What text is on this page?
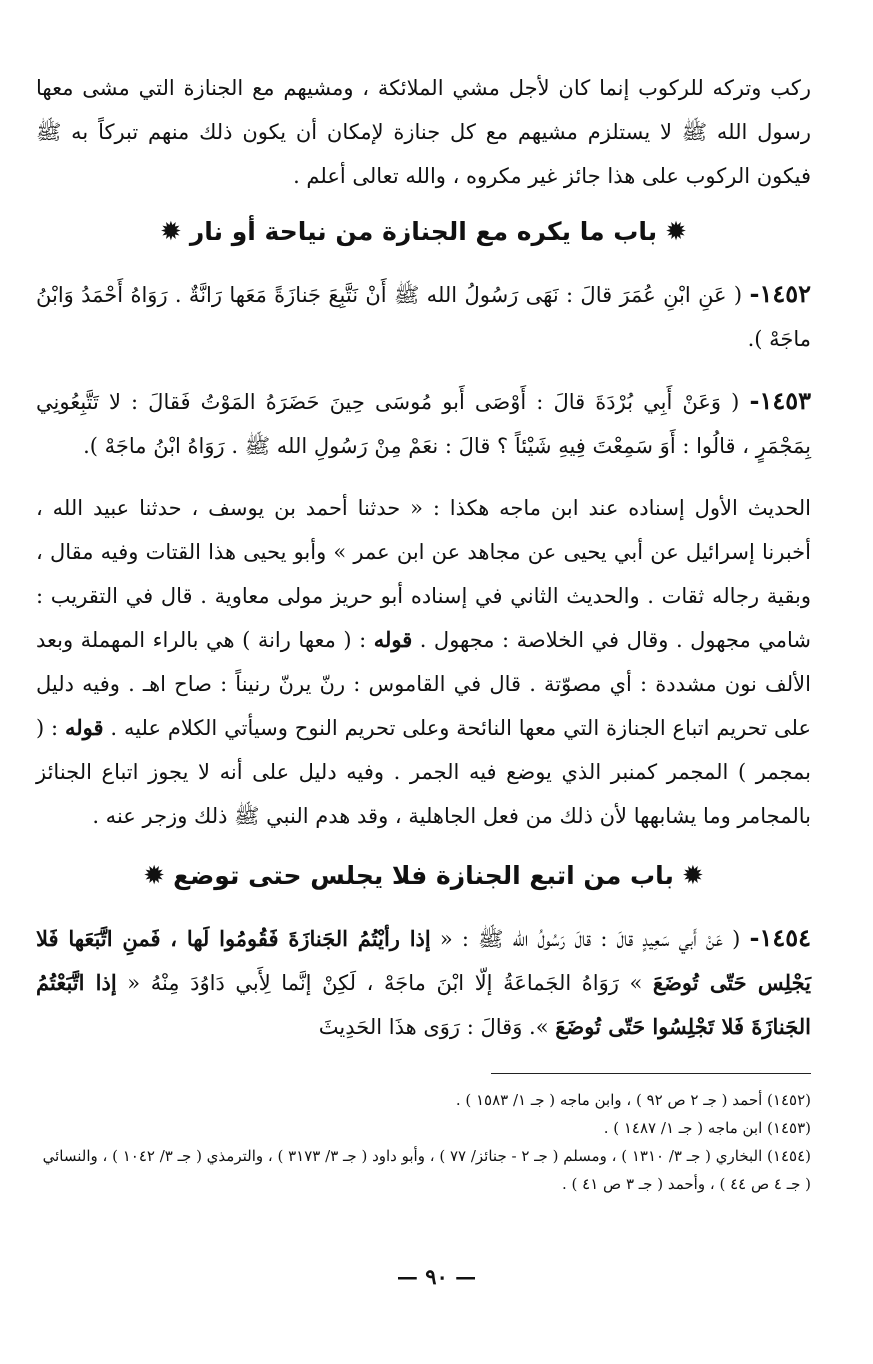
ركب وتركه للركوب إنما كان لأجل مشي الملائكة ، ومشيهم مع الجنازة التي مشى معها رسول الله ﷺ لا يستلزم مشيهم مع كل جنازة لإمكان أن يكون ذلك منهم تبركاً به ﷺ فيكون الركوب على هذا جائز غير مكروه ، والله تعالى أعلم .

✹باب ما يكره مع الجنازة من نياحة أو نار✹

١٤٥٢- ( عَنِ ابْنِ عُمَرَ قالَ : نَهَى رَسُولُ الله ﷺ أَنْ نَتَّبِعَ جَنازَةً مَعَها رَانَّةٌ . رَوَاهُ أَحْمَدُ وَابْنُ ماجَهْ ).

١٤٥٣- ( وَعَنْ أَبِي بُرْدَةَ قالَ : أَوْصَى أَبو مُوسَى حِينَ حَضَرَهُ المَوْتُ فَقالَ : لا تَتَّبِعُونِي بِمَجْمَرٍ ، قالُوا : أَوَ سَمِعْتَ فِيهِ شَيْئاً ؟ قالَ : نعَمْ مِنْ رَسُولِ الله ﷺ . رَوَاهُ ابْنُ ماجَهْ ).

الحديث الأول إسناده عند ابن ماجه هكذا : « حدثنا أحمد بن يوسف ، حدثنا عبيد الله ، أخبرنا إسرائيل عن أبي يحيى عن مجاهد عن ابن عمر » وأبو يحيى هذا القتات وفيه مقال ، وبقية رجاله ثقات . والحديث الثاني في إسناده أبو حريز مولى معاوية . قال في التقريب : شامي مجهول . وقال في الخلاصة : مجهول . قوله : ( معها رانة ) هي بالراء المهملة وبعد الألف نون مشددة : أي مصوّتة . قال في القاموس : رنّ يرنّ رنيناً : صاح اهـ . وفيه دليل على تحريم اتباع الجنازة التي معها النائحة وعلى تحريم النوح وسيأتي الكلام عليه . قوله : ( بمجمر ) المجمر كمنبر الذي يوضع فيه الجمر . وفيه دليل على أنه لا يجوز اتباع الجنائز بالمجامر وما يشابهها لأن ذلك من فعل الجاهلية ، وقد هدم النبي ﷺ ذلك وزجر عنه .

✹باب من اتبع الجنازة فلا يجلس حتى توضع✹

١٤٥٤- ( عَنْ أَبي سَعِيدٍ قالَ : قالَ رَسُولُ الله ﷺ : « إذا رأيْتُمُ الجَنازَةَ فَقُومُوا لَها ، فَمنِ اتَّبَعَها فَلا يَجْلِس حَتّى تُوضَعَ » رَوَاهُ الجَماعَةُ إلّا ابْنَ ماجَهْ ، لَكِنْ إنَّما لِأَبي دَاوُدَ مِنْهُ « إذا اتَّبَعْتُمُ الجَنازَةَ فَلا تَجْلِسُوا حَتّى تُوضَعَ ». وَقالَ : رَوَى هذَا الحَدِيثَ

(١٤٥٢) أحمد ( جـ ٢ ص ٩٢ ) ، وابن ماجه ( جـ ١/ ١٥٨٣ ) .

(١٤٥٣) ابن ماجه ( جـ ١/ ١٤٨٧ ) .

(١٤٥٤) البخاري ( جـ ٣/ ١٣١٠ ) ، ومسلم ( جـ ٢ - جنائز/ ٧٧ ) ، وأبو داود ( جـ ٣/ ٣١٧٣ ) ، والترمذي ( جـ ٣/ ١٠٤٢ ) ، والنسائي ( جـ ٤ ص ٤٤ ) ، وأحمد ( جـ ٣ ص ٤١ ) .

— ٩٠ —
